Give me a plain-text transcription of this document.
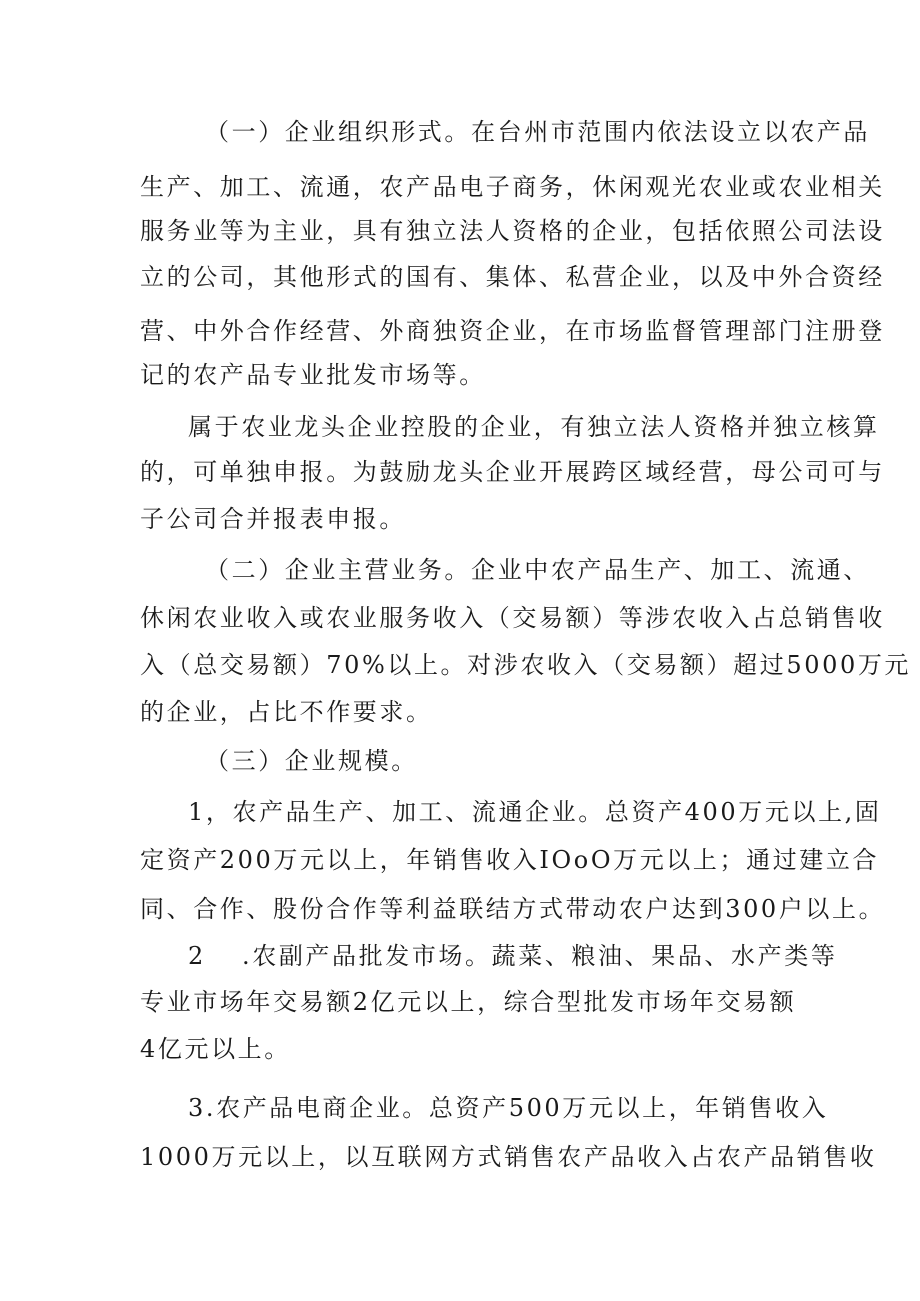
（一）企业组织形式。在台州市范围内依法设立以农产品
生产、加工、流通，农产品电子商务，休闲观光农业或农业相关
服务业等为主业，具有独立法人资格的企业，包括依照公司法设
立的公司，其他形式的国有、集体、私营企业，以及中外合资经
营、中外合作经营、外商独资企业，在市场监督管理部门注册登
记的农产品专业批发市场等。
属于农业龙头企业控股的企业，有独立法人资格并独立核算
的，可单独申报。为鼓励龙头企业开展跨区域经营，母公司可与
子公司合并报表申报。
（二）企业主营业务。企业中农产品生产、加工、流通、
休闲农业收入或农业服务收入（交易额）等涉农收入占总销售收
入（总交易额）70%以上。对涉农收入（交易额）超过5000万元
的企业，占比不作要求。
（三）企业规模。
1，农产品生产、加工、流通企业。总资产400万元以上,固
定资产200万元以上，年销售收入IOoO万元以上；通过建立合
同、合作、股份合作等利益联结方式带动农户达到300户以上。
2 .农副产品批发市场。蔬菜、粮油、果品、水产类等
专业市场年交易额2亿元以上，综合型批发市场年交易额
4亿元以上。
3.农产品电商企业。总资产500万元以上，年销售收入
1000万元以上，以互联网方式销售农产品收入占农产品销售收
